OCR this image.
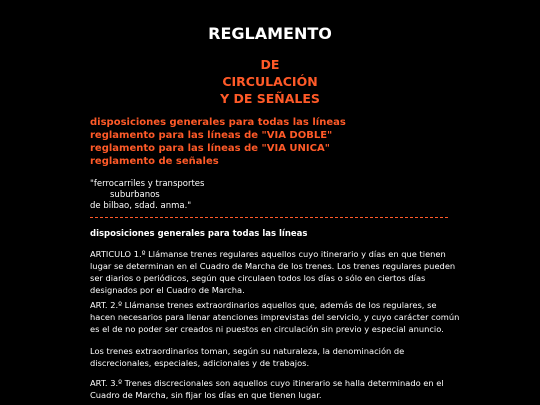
REGLAMENTO
DE
CIRCULACIÓN
Y DE SEÑALES
disposiciones generales para todas las líneas
reglamento para las líneas de "VIA DOBLE"
reglamento para las líneas de "VIA UNICA"
reglamento de señales
"ferrocarriles y transportes
suburbanos
de bilbao, sdad. anma."
disposiciones generales para todas las líneas

ARTICULO 1.º Llámanse trenes regulares aquellos cuyo itinerario y días en que tienen lugar se determinan en el Cuadro de Marcha de los trenes. Los trenes regulares pueden ser diarios o periódicos, según que circulaen todos los días o sólo en ciertos días designados por el Cuadro de Marcha.

ART. 2.º Llámanse trenes extraordinarios aquellos que, además de los regulares, se hacen necesarios para llenar atenciones imprevistas del servicio, y cuyo carácter común es el de no poder ser creados ni puestos en circulación sin previo y especial anuncio.

Los trenes extraordinarios toman, según su naturaleza, la denominación de discrecionales, especiales, adicionales y de trabajos.

ART. 3.º Trenes discrecionales son aquellos cuyo itinerario se halla determinado en el Cuadro de Marcha, sin fijar los días en que tienen lugar.
